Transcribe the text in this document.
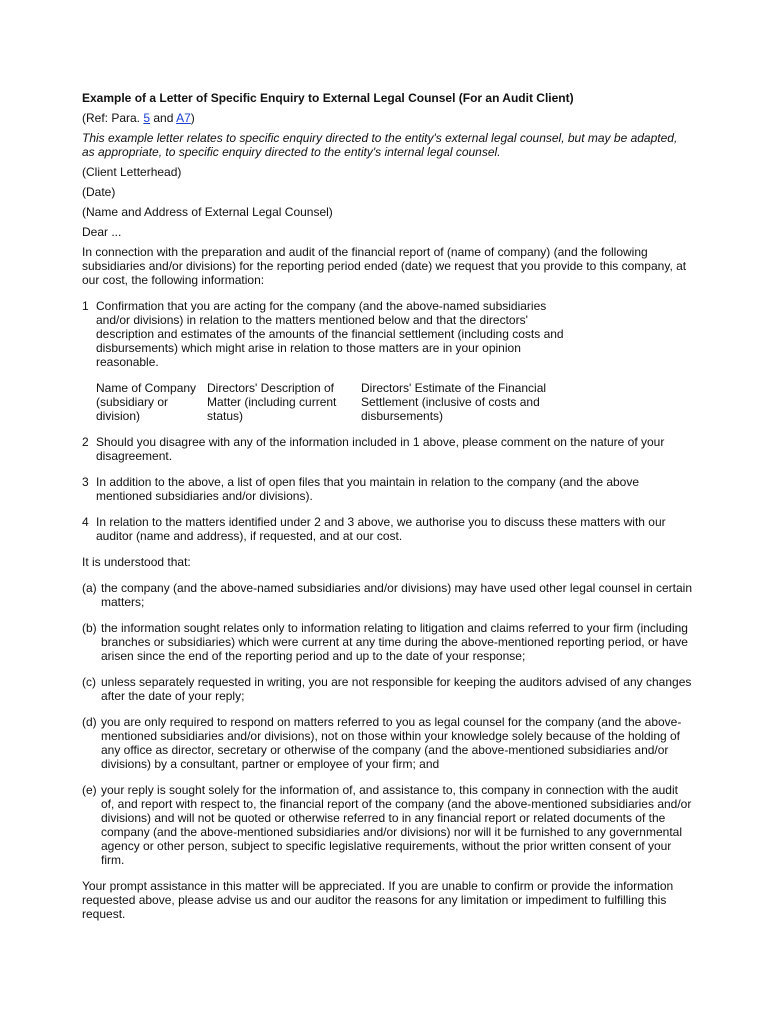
Example of a Letter of Specific Enquiry to External Legal Counsel (For an Audit Client)

(Ref: Para. 5 and A7)

This example letter relates to specific enquiry directed to the entity's external legal counsel, but may be adapted, as appropriate, to specific enquiry directed to the entity's internal legal counsel.

(Client Letterhead)

(Date)

(Name and Address of External Legal Counsel)

Dear ...

In connection with the preparation and audit of the financial report of (name of company) (and the following subsidiaries and/or divisions) for the reporting period ended (date) we request that you provide to this company, at our cost, the following information:

1 Confirmation that you are acting for the company (and the above-named subsidiaries and/or divisions) in relation to the matters mentioned below and that the directors' description and estimates of the amounts of the financial settlement (including costs and disbursements) which might arise in relation to those matters are in your opinion reasonable.
Name of Company (subsidiary or division)	Directors' Description of Matter (including current status)	Directors' Estimate of the Financial Settlement (inclusive of costs and disbursements)
2 Should you disagree with any of the information included in 1 above, please comment on the nature of your disagreement.
3 In addition to the above, a list of open files that you maintain in relation to the company (and the above mentioned subsidiaries and/or divisions).
4 In relation to the matters identified under 2 and 3 above, we authorise you to discuss these matters with our auditor (name and address), if requested, and at our cost.

It is understood that:

(a) the company (and the above-named subsidiaries and/or divisions) may have used other legal counsel in certain matters;
(b) the information sought relates only to information relating to litigation and claims referred to your firm (including branches or subsidiaries) which were current at any time during the above-mentioned reporting period, or have arisen since the end of the reporting period and up to the date of your response;
(c) unless separately requested in writing, you are not responsible for keeping the auditors advised of any changes after the date of your reply;
(d) you are only required to respond on matters referred to you as legal counsel for the company (and the above-mentioned subsidiaries and/or divisions), not on those within your knowledge solely because of the holding of any office as director, secretary or otherwise of the company (and the above-mentioned subsidiaries and/or divisions) by a consultant, partner or employee of your firm; and
(e) your reply is sought solely for the information of, and assistance to, this company in connection with the audit of, and report with respect to, the financial report of the company (and the above-mentioned subsidiaries and/or divisions) and will not be quoted or otherwise referred to in any financial report or related documents of the company (and the above-mentioned subsidiaries and/or divisions) nor will it be furnished to any governmental agency or other person, subject to specific legislative requirements, without the prior written consent of your firm.

Your prompt assistance in this matter will be appreciated. If you are unable to confirm or provide the information requested above, please advise us and our auditor the reasons for any limitation or impediment to fulfilling this request.
